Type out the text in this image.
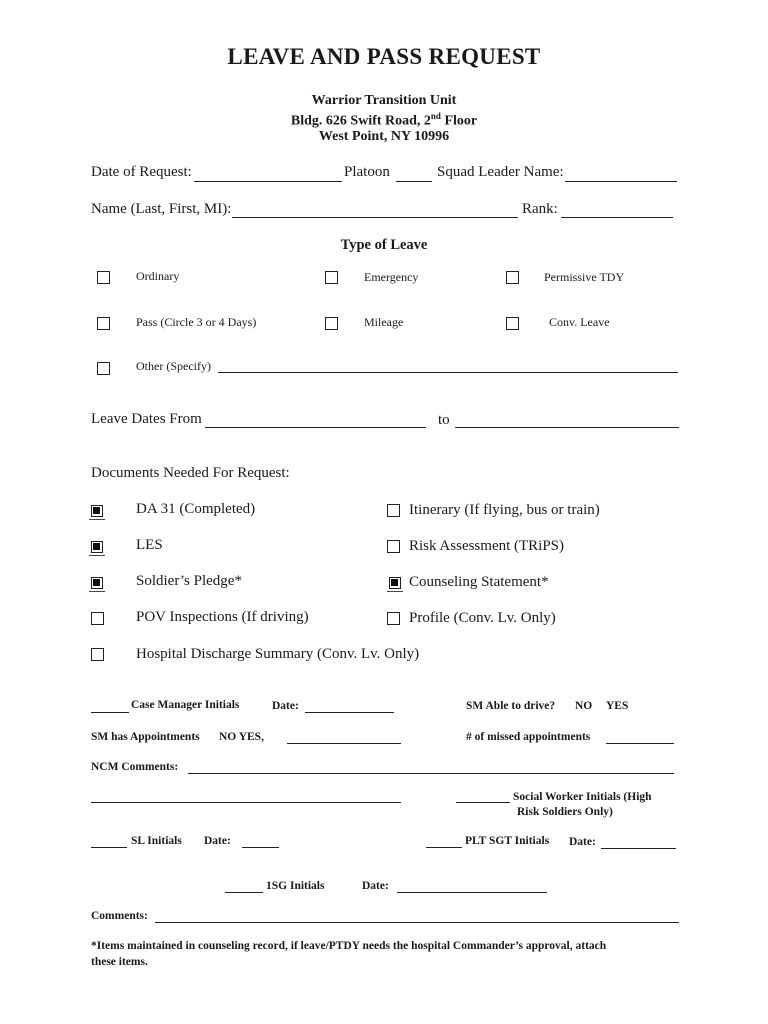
LEAVE AND PASS REQUEST
Warrior Transition Unit
Bldg. 626 Swift Road, 2nd Floor
West Point, NY 10996
Date of Request:	Platoon	Squad Leader Name:
Name (Last, First, MI):	Rank:
Type of Leave
Ordinary	Emergency	Permissive TDY
Pass (Circle 3 or 4 Days)	Mileage	Conv. Leave
Other (Specify)
Leave Dates From	to
Documents Needed For Request:
DA 31 (Completed)	Itinerary (If flying, bus or train)
LES	Risk Assessment (TRiPS)
Soldier’s Pledge*	Counseling Statement*
POV Inspections (If driving)	Profile (Conv. Lv. Only)
Hospital Discharge Summary (Conv. Lv. Only)
Case Manager Initials	Date:	SM Able to drive? NO YES
SM has Appointments NO YES,	# of missed appointments
NCM Comments:
Social Worker Initials (High
Risk Soldiers Only)
SL Initials Date:	PLT SGT Initials Date:
1SG Initials	Date:
Comments:
*Items maintained in counseling record, if leave/PTDY needs the hospital Commander’s approval, attach
these items.
